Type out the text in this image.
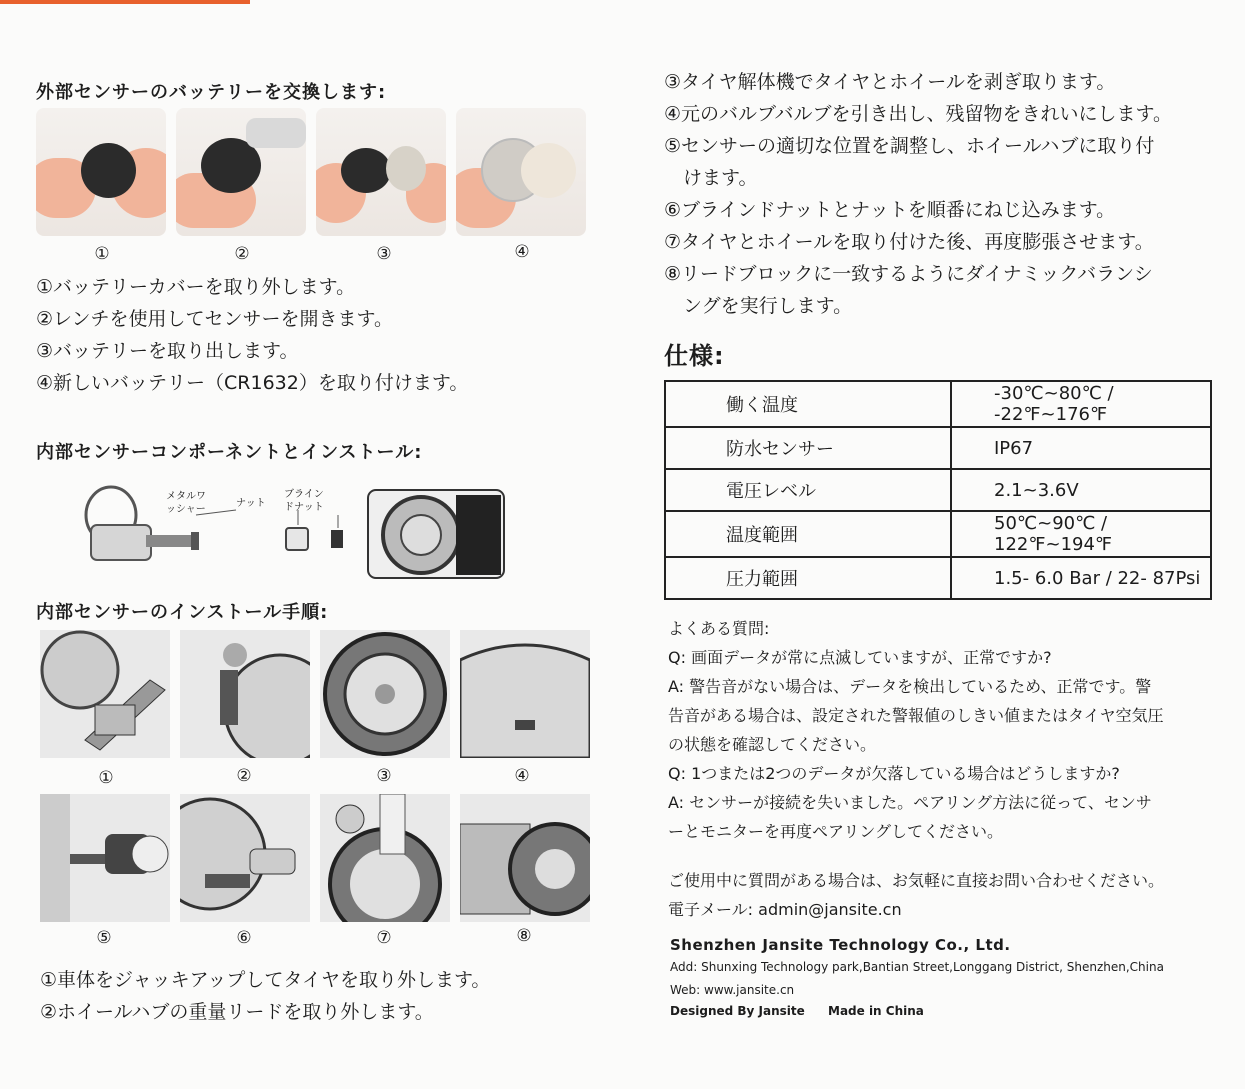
外部センサーのバッテリーを交換します:
①	②	③	④
①バッテリーカバーを取り外します。
②レンチを使用してセンサーを開きます。
③バッテリーを取り出します。
④新しいバッテリー（CR1632）を取り付けます。
内部センサーコンポーネントとインストール:
メタルワ
ッシャー
ナット
ブライン
ドナット
内部センサーのインストール手順:
①	②	③	④
⑤	⑥	⑦	⑧
①車体をジャッキアップしてタイヤを取り外します。
②ホイールハブの重量リードを取り外します。
③タイヤ解体機でタイヤとホイールを剥ぎ取ります。
④元のバルブバルブを引き出し、残留物をきれいにします。
⑤センサーの適切な位置を調整し、ホイールハブに取り付
　けます。
⑥ブラインドナットとナットを順番にねじ込みます。
⑦タイヤとホイールを取り付けた後、再度膨張させます。
⑧リードブロックに一致するようにダイナミックバランシ
　ングを実行します。
仕様:
働く温度	-30℃~80℃ / -22℉~176℉
防水センサー	IP67
電圧レベル	2.1~3.6V
温度範囲	50℃~90℃ / 122℉~194℉
圧力範囲	1.5- 6.0 Bar / 22- 87Psi
よくある質問:
Q: 画面データが常に点滅していますが、正常ですか?
A: 警告音がない場合は、データを検出しているため、正常です。警
告音がある場合は、設定された警報値のしきい値またはタイヤ空気圧
の状態を確認してください。
Q: 1つまたは2つのデータが欠落している場合はどうしますか?
A: センサーが接続を失いました。ペアリング方法に従って、センサ
ーとモニターを再度ペアリングしてください。
ご使用中に質問がある場合は、お気軽に直接お問い合わせください。
電子メール: admin@jansite.cn
Shenzhen Jansite Technology Co., Ltd.
Add: Shunxing Technology park,Bantian Street,Longgang District, Shenzhen,China
Web: www.jansite.cn
Designed By Jansite Made in China
